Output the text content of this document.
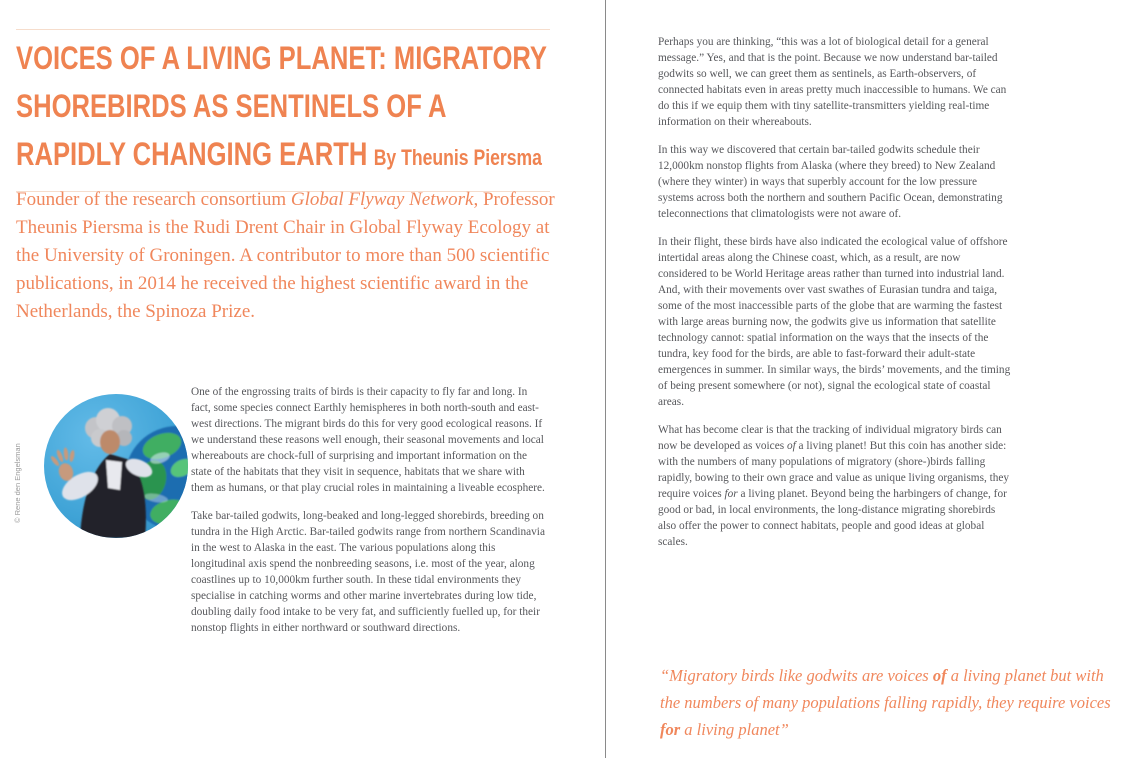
VOICES OF A LIVING PLANET: MIGRATORY
SHOREBIRDS AS SENTINELS OF A
RAPIDLY CHANGING EARTH By Theunis Piersma

Founder of the research consortium Global Flyway Network, Professor Theunis Piersma is the Rudi Drent Chair in Global Flyway Ecology at the University of Groningen. A contributor to more than 500 scientific publications, in 2014 he received the highest scientific award in the Netherlands, the Spinoza Prize.

© Rene den Engelsman

One of the engrossing traits of birds is their capacity to fly far and long. In fact, some species connect Earthly hemispheres in both north-south and east-west directions. The migrant birds do this for very good ecological reasons. If we understand these reasons well enough, their seasonal movements and local whereabouts are chock-full of surprising and important information on the state of the habitats that they visit in sequence, habitats that we share with them as humans, or that play crucial roles in maintaining a liveable ecosphere.

Take bar-tailed godwits, long-beaked and long-legged shorebirds, breeding on tundra in the High Arctic. Bar-tailed godwits range from northern Scandinavia in the west to Alaska in the east. The various populations along this longitudinal axis spend the nonbreeding seasons, i.e. most of the year, along coastlines up to 10,000km further south. In these tidal environments they specialise in catching worms and other marine invertebrates during low tide, doubling daily food intake to be very fat, and sufficiently fuelled up, for their nonstop flights in either northward or southward directions.

Perhaps you are thinking, “this was a lot of biological detail for a general message.” Yes, and that is the point. Because we now understand bar-tailed godwits so well, we can greet them as sentinels, as Earth-observers, of connected habitats even in areas pretty much inaccessible to humans. We can do this if we equip them with tiny satellite-transmitters yielding real-time information on their whereabouts.

In this way we discovered that certain bar-tailed godwits schedule their 12,000km nonstop flights from Alaska (where they breed) to New Zealand (where they winter) in ways that superbly account for the low pressure systems across both the northern and southern Pacific Ocean, demonstrating teleconnections that climatologists were not aware of.

In their flight, these birds have also indicated the ecological value of offshore intertidal areas along the Chinese coast, which, as a result, are now considered to be World Heritage areas rather than turned into industrial land. And, with their movements over vast swathes of Eurasian tundra and taiga, some of the most inaccessible parts of the globe that are warming the fastest with large areas burning now, the godwits give us information that satellite technology cannot: spatial information on the ways that the insects of the tundra, key food for the birds, are able to fast-forward their adult-state emergences in summer. In similar ways, the birds’ movements, and the timing of being present somewhere (or not), signal the ecological state of coastal areas.

What has become clear is that the tracking of individual migratory birds can now be developed as voices of a living planet! But this coin has another side: with the numbers of many populations of migratory (shore-)birds falling rapidly, bowing to their own grace and value as unique living organisms, they require voices for a living planet. Beyond being the harbingers of change, for good or bad, in local environments, the long-distance migrating shorebirds also offer the power to connect habitats, people and good ideas at global scales.

“Migratory birds like godwits are voices of a living planet but with the numbers of many populations falling rapidly, they require voices for a living planet”
